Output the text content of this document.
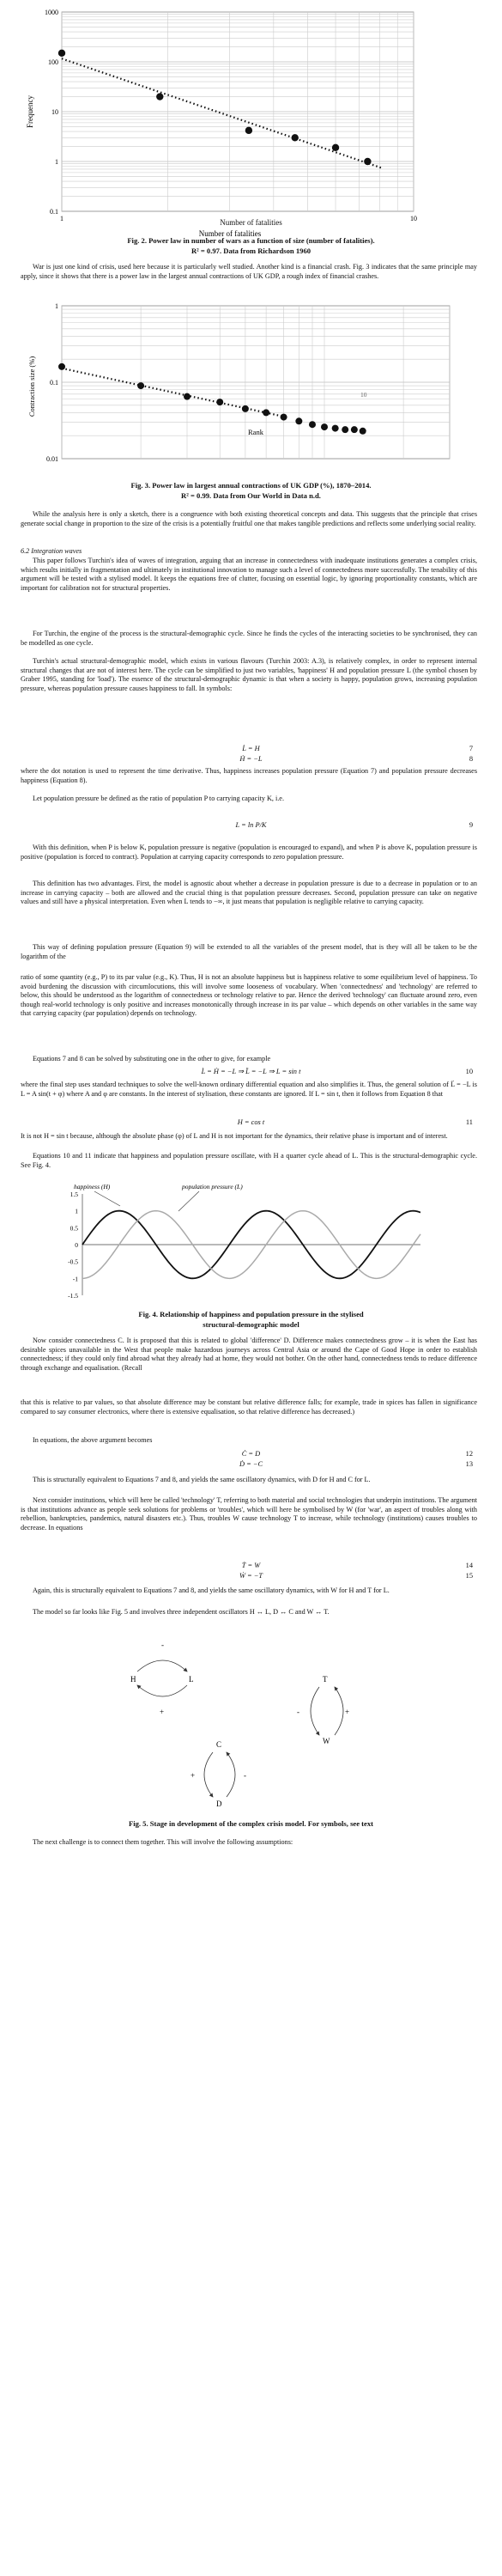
1000
100
10
1
0.1
1	10
Frequency
Number of fatalities
Number of fatalities
Fig. 2. Power law in number of wars as a function of size (number of fatalities).
R² = 0.97. Data from Richardson 1960

War is just one kind of crisis, used here because it is particularly well studied. Another kind is a financial crash. Fig. 3 indicates that the same principle may apply, since it shows that there is a power law in the largest annual contractions of UK GDP, a rough index of financial crashes.

1
0.1
0.01
Contraction size (%)	10
Rank
Fig. 3. Power law in largest annual contractions of UK GDP (%), 1870–2014.
R² = 0.99. Data from Our World in Data n.d.

While the analysis here is only a sketch, there is a congruence with both existing theoretical concepts and data. This suggests that the principle that crises generate social change in proportion to the size of the crisis is a potentially fruitful one that makes tangible predictions and reflects some underlying social reality.

6.2 Integration waves

This paper follows Turchin's idea of waves of integration, arguing that an increase in connectedness with inadequate institutions generates a complex crisis, which results initially in fragmentation and ultimately in institutional innovation to manage such a level of connectedness more successfully. The tenability of this argument will be tested with a stylised model. It keeps the equations free of clutter, focusing on essential logic, by ignoring proportionality constants, which are important for calibration not for structural properties.

For Turchin, the engine of the process is the structural-demographic cycle. Since he finds the cycles of the interacting societies to be synchronised, they can be modelled as one cycle.

Turchin's actual structural-demographic model, which exists in various flavours (Turchin 2003: A.3), is relatively complex, in order to represent internal structural changes that are not of interest here. The cycle can be simplified to just two variables, 'happiness' H and population pressure L (the symbol chosen by Graber 1995, standing for 'load'). The essence of the structural-demographic dynamic is that when a society is happy, population grows, increasing population pressure, whereas population pressure causes happiness to fall. In symbols:

L̇ = H	7
Ḣ = −L	8

where the dot notation is used to represent the time derivative. Thus, happiness increases population pressure (Equation 7) and population pressure decreases happiness (Equation 8).

Let population pressure be defined as the ratio of population P to carrying capacity K, i.e.

L = ln P/K	9

With this definition, when P is below K, population pressure is negative (population is encouraged to expand), and when P is above K, population pressure is positive (population is forced to contract). Population at carrying capacity corresponds to zero population pressure.

This definition has two advantages. First, the model is agnostic about whether a decrease in population pressure is due to a decrease in population or to an increase in carrying capacity – both are allowed and the crucial thing is that population pressure decreases. Second, population pressure can take on negative values and still have a physical interpretation. Even when L tends to −∞, it just means that population is negligible relative to carrying capacity.

This way of defining population pressure (Equation 9) will be extended to all the variables of the present model, that is they will all be taken to be the logarithm of the

ratio of some quantity (e.g., P) to its par value (e.g., K). Thus, H is not an absolute happiness but is happiness relative to some equilibrium level of happiness. To avoid burdening the discussion with circumlocutions, this will involve some looseness of vocabulary. When 'connectedness' and 'technology' are referred to below, this should be understood as the logarithm of connectedness or technology relative to par. Hence the derived 'technology' can fluctuate around zero, even though real-world technology is only positive and increases monotonically through increase in its par value – which depends on other variables in the same way that carrying capacity (par population) depends on technology.

Equations 7 and 8 can be solved by substituting one in the other to give, for example

L̇ = Ḣ = −L ⇒ L̈ = −L ⇒ L = sin t	10

where the final step uses standard techniques to solve the well-known ordinary differential equation and also simplifies it. Thus, the general solution of L̈ = −L is L = A sin(t + φ) where A and φ are constants. In the interest of stylisation, these constants are ignored. If L = sin t, then it follows from Equation 8 that

H = cos t	11

It is not H = sin t because, although the absolute phase (φ) of L and H is not important for the dynamics, their relative phase is important and of interest.

Equations 10 and 11 indicate that happiness and population pressure oscillate, with H a quarter cycle ahead of L. This is the structural-demographic cycle. See Fig. 4.

1.5
1
0.5
0
-0.5
-1
-1.5
happiness (H)	population pressure (L)
Fig. 4. Relationship of happiness and population pressure in the stylised
structural-demographic model

Now consider connectedness C. It is proposed that this is related to global 'difference' D. Difference makes connectedness grow – it is when the East has desirable spices unavailable in the West that people make hazardous journeys across Central Asia or around the Cape of Good Hope in order to establish connectedness; if they could only find abroad what they already had at home, they would not bother. On the other hand, connectedness tends to reduce difference through exchange and equalisation. (Recall

that this is relative to par values, so that absolute difference may be constant but relative difference falls; for example, trade in spices has fallen in significance compared to say consumer electronics, where there is extensive equalisation, so that relative difference has decreased.)

In equations, the above argument becomes

Ċ = D	12
Ḋ = −C	13

This is structurally equivalent to Equations 7 and 8, and yields the same oscillatory dynamics, with D for H and C for L.

Next consider institutions, which will here be called 'technology' T, referring to both material and social technologies that underpin institutions. The argument is that institutions advance as people seek solutions for problems or 'troubles', which will here be symbolised by W (for 'war', an aspect of troubles along with rebellion, bankruptcies, pandemics, natural disasters etc.). Thus, troubles W cause technology T to increase, while technology (institutions) causes troubles to decrease. In equations

Ṫ = W	14
Ẇ = −T	15

Again, this is structurally equivalent to Equations 7 and 8, and yields the same oscillatory dynamics, with W for H and T for L.

The model so far looks like Fig. 5 and involves three independent oscillators H ↔ L, D ↔ C and W ↔ T.

H	L
-
+
T
W
+
-
C
D
+	-
Fig. 5. Stage in development of the complex crisis model. For symbols, see text

The next challenge is to connect them together. This will involve the following assumptions:
